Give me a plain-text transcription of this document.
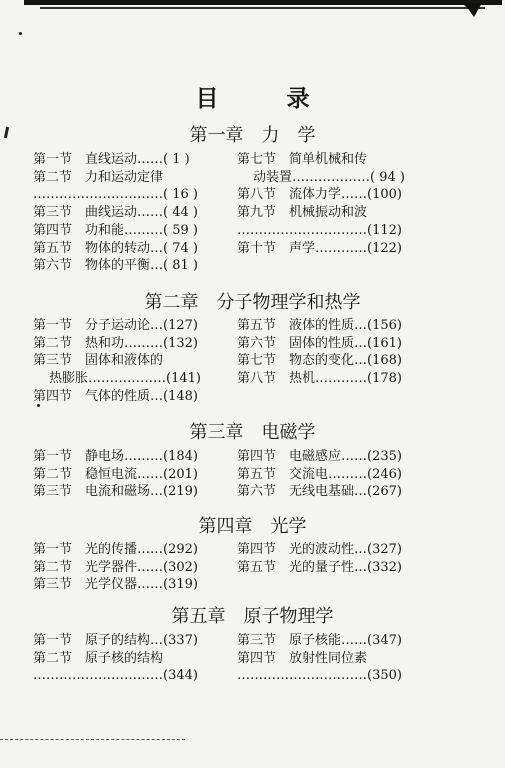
目 录
第一章　力　学
第一节 直线运动……( 1 )
第二节 力和运动定律
…………………………( 16 )
第三节 曲线运动……( 44 )
第四节 功和能………( 59 )
第五节 物体的转动…( 74 )
第六节 物体的平衡…( 81 )
第七节 简单机械和传
动装置………………( 94 )
第八节 流体力学……(100)
第九节 机械振动和波
…………………………(112)
第十节 声学…………(122)
第二章　分子物理学和热学
第一节 分子运动论…(127)
第二节 热和功………(132)
第三节 固体和液体的
热膨胀………………(141)
第四节 气体的性质…(148)
第五节 液体的性质…(156)
第六节 固体的性质…(161)
第七节 物态的变化…(168)
第八节 热机…………(178)
第三章　电磁学
第一节 静电场………(184)
第二节 稳恒电流……(201)
第三节 电流和磁场…(219)
第四节 电磁感应……(235)
第五节 交流电………(246)
第六节 无线电基础…(267)
第四章　光学
第一节 光的传播……(292)
第二节 光学器件……(302)
第三节 光学仪器……(319)
第四节 光的波动性…(327)
第五节 光的量子性…(332)
第五章　原子物理学
第一节 原子的结构…(337)
第二节 原子核的结构
…………………………(344)
第三节 原子核能……(347)
第四节 放射性同位素
…………………………(350)
